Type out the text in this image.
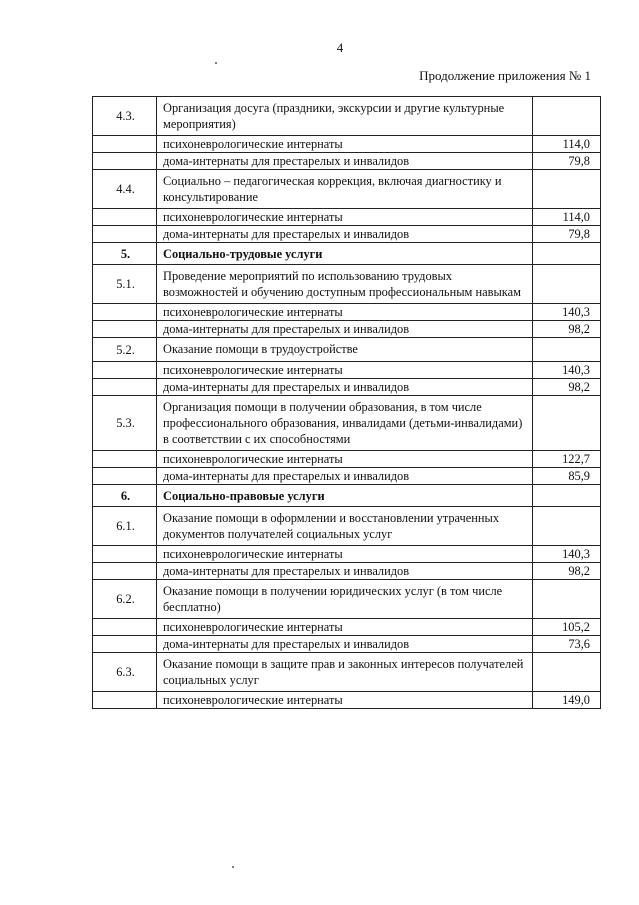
4
Продолжение приложения № 1
4.3.	Организация досуга (праздники, экскурсии и другие культурные мероприятия)	
	психоневрологические интернаты	114,0
	дома-интернаты для престарелых и инвалидов	79,8
4.4.	Социально – педагогическая коррекция, включая диагностику и консультирование	
	психоневрологические интернаты	114,0
	дома-интернаты для престарелых и инвалидов	79,8
5.	Социально-трудовые услуги	
5.1.	Проведение мероприятий по использованию трудовых возможностей и обучению доступным профессиональным навыкам	
	психоневрологические интернаты	140,3
	дома-интернаты для престарелых и инвалидов	98,2
5.2.	Оказание помощи в трудоустройстве	
	психоневрологические интернаты	140,3
	дома-интернаты для престарелых и инвалидов	98,2
5.3.	Организация помощи в получении образования, в том числе профессионального образования, инвалидами (детьми-инвалидами) в соответствии с их способностями	
	психоневрологические интернаты	122,7
	дома-интернаты для престарелых и инвалидов	85,9
6.	Социально-правовые услуги	
6.1.	Оказание помощи в оформлении и восстановлении утраченных документов получателей социальных услуг	
	психоневрологические интернаты	140,3
	дома-интернаты для престарелых и инвалидов	98,2
6.2.	Оказание помощи в получении юридических услуг (в том числе бесплатно)	
	психоневрологические интернаты	105,2
	дома-интернаты для престарелых и инвалидов	73,6
6.3.	Оказание помощи в защите прав и законных интересов получателей социальных услуг	
	психоневрологические интернаты	149,0
